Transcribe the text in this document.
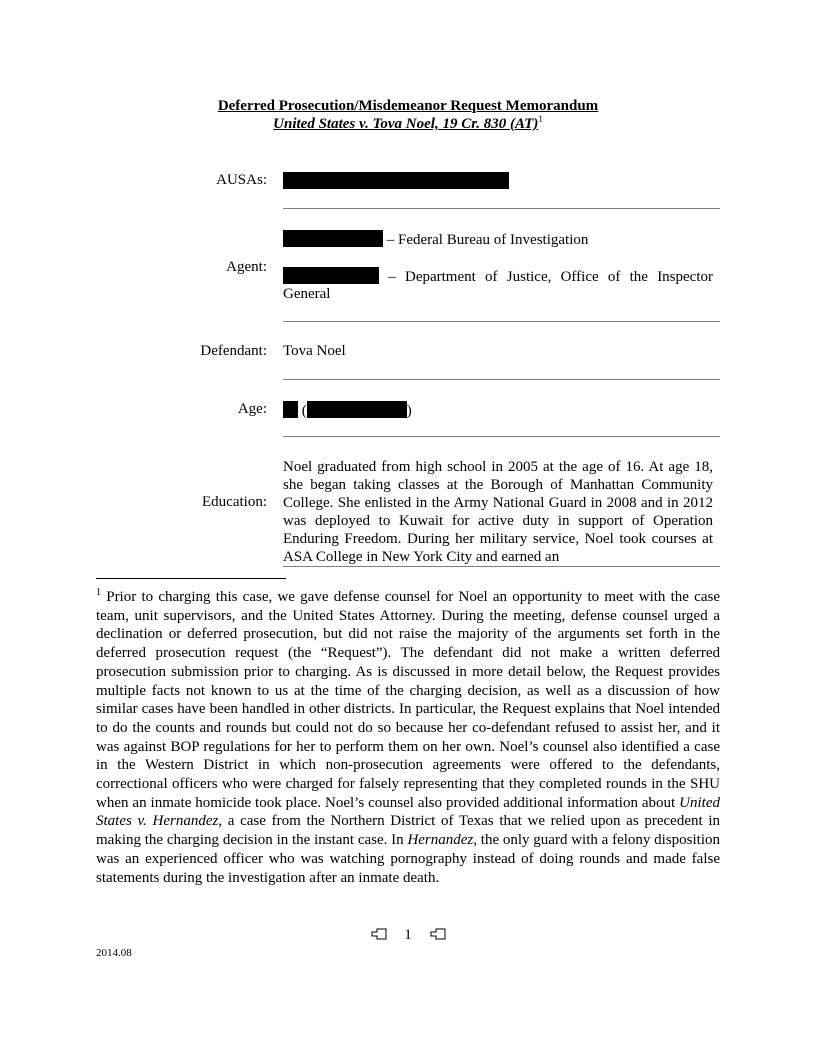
Deferred Prosecution/Misdemeanor Request Memorandum
United States v. Tova Noel, 19 Cr. 830 (AT)$^1$
AUSAs:
– Federal Bureau of Investigation
Agent:
– Department of Justice, Office of the Inspector
General
Defendant: Tova Noel
Age:	(	)
Education:
Noel graduated from high school in 2005 at the age of 16. At age 18, she began taking classes at the Borough of Manhattan Community College. She enlisted in the Army National Guard in 2008 and in 2012 was deployed to Kuwait for active duty in support of Operation Enduring Freedom. During her military service, Noel took courses at ASA College in New York City and earned an
$^1$ Prior to charging this case, we gave defense counsel for Noel an opportunity to meet with the case team, unit supervisors, and the United States Attorney. During the meeting, defense counsel urged a declination or deferred prosecution, but did not raise the majority of the arguments set forth in the deferred prosecution request (the “Request”). The defendant did not make a written deferred prosecution submission prior to charging. As is discussed in more detail below, the Request provides multiple facts not known to us at the time of the charging decision, as well as a discussion of how similar cases have been handled in other districts. In particular, the Request explains that Noel intended to do the counts and rounds but could not do so because her co-defendant refused to assist her, and it was against BOP regulations for her to perform them on her own. Noel’s counsel also identified a case in the Western District in which non-prosecution agreements were offered to the defendants, correctional officers who were charged for falsely representing that they completed rounds in the SHU when an inmate homicide took place. Noel’s counsel also provided additional information about United States v. Hernandez, a case from the Northern District of Texas that we relied upon as precedent in making the charging decision in the instant case. In Hernandez, the only guard with a felony disposition was an experienced officer who was watching pornography instead of doing rounds and made false statements during the investigation after an inmate death.
1
2014.08
